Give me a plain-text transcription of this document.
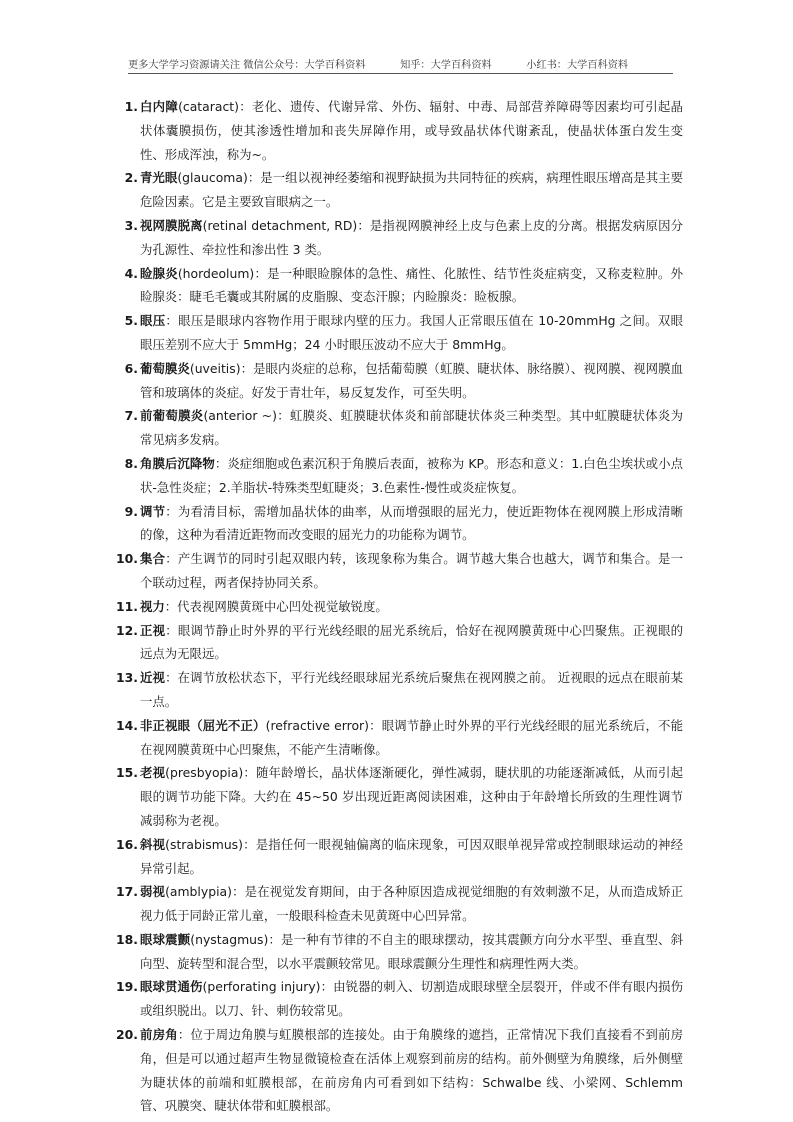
更多大学学习资源请关注 微信公众号：大学百科资料	知乎：大学百科资料	小红书：大学百科资料
1. 白内障(cataract)：老化、遗传、代谢异常、外伤、辐射、中毒、局部营养障碍等因素均可引起晶状体囊膜损伤，使其渗透性增加和丧失屏障作用，或导致晶状体代谢紊乱，使晶状体蛋白发生变性、形成浑浊，称为~。
2. 青光眼(glaucoma)：是一组以视神经萎缩和视野缺损为共同特征的疾病，病理性眼压增高是其主要危险因素。它是主要致盲眼病之一。
3. 视网膜脱离(retinal detachment, RD)：是指视网膜神经上皮与色素上皮的分离。根据发病原因分为孔源性、牵拉性和渗出性 3 类。
4. 睑腺炎(hordeolum)：是一种眼睑腺体的急性、痛性、化脓性、结节性炎症病变，又称麦粒肿。外睑腺炎：睫毛毛囊或其附属的皮脂腺、变态汗腺；内睑腺炎：睑板腺。
5. 眼压：眼压是眼球内容物作用于眼球内壁的压力。我国人正常眼压值在 10-20mmHg 之间。双眼眼压差别不应大于 5mmHg；24 小时眼压波动不应大于 8mmHg。
6. 葡萄膜炎(uveitis)：是眼内炎症的总称，包括葡萄膜（虹膜、睫状体、脉络膜）、视网膜、视网膜血管和玻璃体的炎症。好发于青壮年，易反复发作，可至失明。
7. 前葡萄膜炎(anterior ~)：虹膜炎、虹膜睫状体炎和前部睫状体炎三种类型。其中虹膜睫状体炎为常见病多发病。
8. 角膜后沉降物：炎症细胞或色素沉积于角膜后表面，被称为 KP。形态和意义：1.白色尘埃状或小点状-急性炎症；2.羊脂状-特殊类型虹睫炎；3.色素性-慢性或炎症恢复。
9. 调节：为看清目标，需增加晶状体的曲率，从而增强眼的屈光力，使近距物体在视网膜上形成清晰的像，这种为看清近距物而改变眼的屈光力的功能称为调节。
10. 集合：产生调节的同时引起双眼内转，该现象称为集合。调节越大集合也越大，调节和集合。是一个联动过程，两者保持协同关系。
11. 视力：代表视网膜黄斑中心凹处视觉敏锐度。
12. 正视：眼调节静止时外界的平行光线经眼的屈光系统后，恰好在视网膜黄斑中心凹聚焦。正视眼的远点为无限远。
13. 近视：在调节放松状态下，平行光线经眼球屈光系统后聚焦在视网膜之前。 近视眼的远点在眼前某一点。
14. 非正视眼（屈光不正）(refractive error)：眼调节静止时外界的平行光线经眼的屈光系统后，不能在视网膜黄斑中心凹聚焦，不能产生清晰像。
15. 老视(presbyopia)：随年龄增长，晶状体逐渐硬化，弹性减弱，睫状肌的功能逐渐减低，从而引起眼的调节功能下降。大约在 45~50 岁出现近距离阅读困难，这种由于年龄增长所致的生理性调节减弱称为老视。
16. 斜视(strabismus)：是指任何一眼视轴偏离的临床现象，可因双眼单视异常或控制眼球运动的神经异常引起。
17. 弱视(amblypia)：是在视觉发育期间，由于各种原因造成视觉细胞的有效刺激不足，从而造成矫正视力低于同龄正常儿童，一般眼科检查未见黄斑中心凹异常。
18. 眼球震颤(nystagmus)：是一种有节律的不自主的眼球摆动，按其震颤方向分水平型、垂直型、斜向型、旋转型和混合型，以水平震颤较常见。眼球震颤分生理性和病理性两大类。
19. 眼球贯通伤(perforating injury)：由锐器的刺入、切割造成眼球壁全层裂开，伴或不伴有眼内损伤或组织脱出。以刀、针、刺伤较常见。
20. 前房角：位于周边角膜与虹膜根部的连接处。由于角膜缘的遮挡，正常情况下我们直接看不到前房角，但是可以通过超声生物显微镜检查在活体上观察到前房的结构。前外侧壁为角膜缘，后外侧壁为睫状体的前端和虹膜根部，在前房角内可看到如下结构：Schwalbe 线、小梁网、Schlemm 管、巩膜突、睫状体带和虹膜根部。
